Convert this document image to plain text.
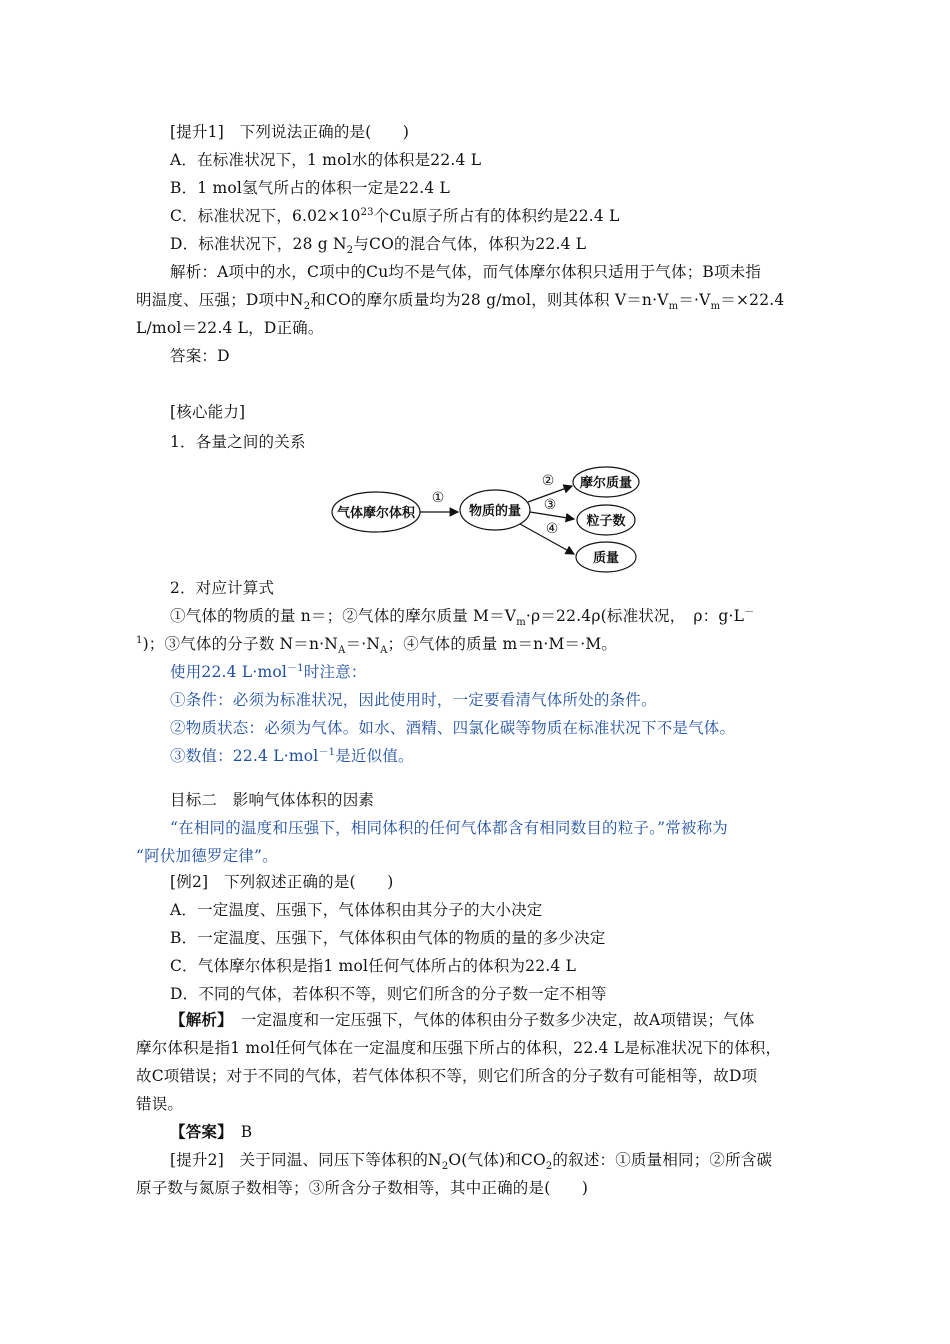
[提升1]　下列说法正确的是(　　)
A．在标准状况下，1 mol水的体积是22.4 L
B．1 mol氢气所占的体积一定是22.4 L
C．标准状况下，$6.02\times 10^{23}$个Cu原子所占有的体积约是22.4 L
D．标准状况下，28 g $N_2$与CO的混合气体，体积为22.4 L
解析：A项中的水，C项中的Cu均不是气体，而气体摩尔体积只适用于气体；B项未指
明温度、压强；D项中$N_2$和CO的摩尔质量均为28 g/mol，则其体积 $V=n\cdot V_m=\cdot V_m=\times 22.4$
L/mol＝22.4 L，D正确。
答案：D
[核心能力]
1．各量之间的关系
气体摩尔体积
①
物质的量
②
③
④
摩尔质量
粒子数
质量
2．对应计算式
①气体的物质的量 n＝；②气体的摩尔质量 $M=V_m\cdot\rho=22.4\rho$(标准状况，　ρ：g·L－
$^1$)；③气体的分子数 $N=n\cdot N_A=\cdot N_A$；④气体的质量 m＝n·M＝·M。
使用22.4 L·mol$^{-1}$时注意：
①条件：必须为标准状况，因此使用时，一定要看清气体所处的条件。
②物质状态：必须为气体。如水、酒精、四氯化碳等物质在标准状况下不是气体。
③数值：22.4 L·mol$^{-1}$是近似值。
目标二　影响气体体积的因素
“在相同的温度和压强下，相同体积的任何气体都含有相同数目的粒子。”常被称为
“阿伏加德罗定律”。
[例2]　下列叙述正确的是(　　)
A．一定温度、压强下，气体体积由其分子的大小决定
B．一定温度、压强下，气体体积由气体的物质的量的多少决定
C．气体摩尔体积是指1 mol任何气体所占的体积为22.4 L
D．不同的气体，若体积不等，则它们所含的分子数一定不相等
【解析】　一定温度和一定压强下，气体的体积由分子数多少决定，故A项错误；气体
摩尔体积是指1 mol任何气体在一定温度和压强下所占的体积，22.4 L是标准状况下的体积，
故C项错误；对于不同的气体，若气体体积不等，则它们所含的分子数有可能相等，故D项
错误。
【答案】　B
[提升2]　关于同温、同压下等体积的$N_2O$(气体)和$CO_2$的叙述：①质量相同；②所含碳
原子数与氮原子数相等；③所含分子数相等，其中正确的是(　　)
